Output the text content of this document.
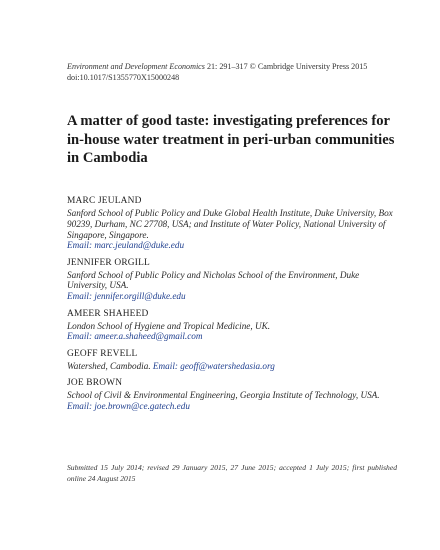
Environment and Development Economics 21: 291–317 © Cambridge University Press 2015
doi:10.1017/S1355770X15000248
A matter of good taste: investigating preferences for in-house water treatment in peri-urban communities in Cambodia
MARC JEULAND
Sanford School of Public Policy and Duke Global Health Institute, Duke University, Box 90239, Durham, NC 27708, USA; and Institute of Water Policy, National University of Singapore, Singapore.
Email: marc.jeuland@duke.edu
JENNIFER ORGILL
Sanford School of Public Policy and Nicholas School of the Environment, Duke University, USA.
Email: jennifer.orgill@duke.edu
AMEER SHAHEED
London School of Hygiene and Tropical Medicine, UK.
Email: ameer.a.shaheed@gmail.com
GEOFF REVELL
Watershed, Cambodia. Email: geoff@watershedasia.org
JOE BROWN
School of Civil & Environmental Engineering, Georgia Institute of Technology, USA. Email: joe.brown@ce.gatech.edu
Submitted 15 July 2014; revised 29 January 2015, 27 June 2015; accepted 1 July 2015; first published online 24 August 2015
